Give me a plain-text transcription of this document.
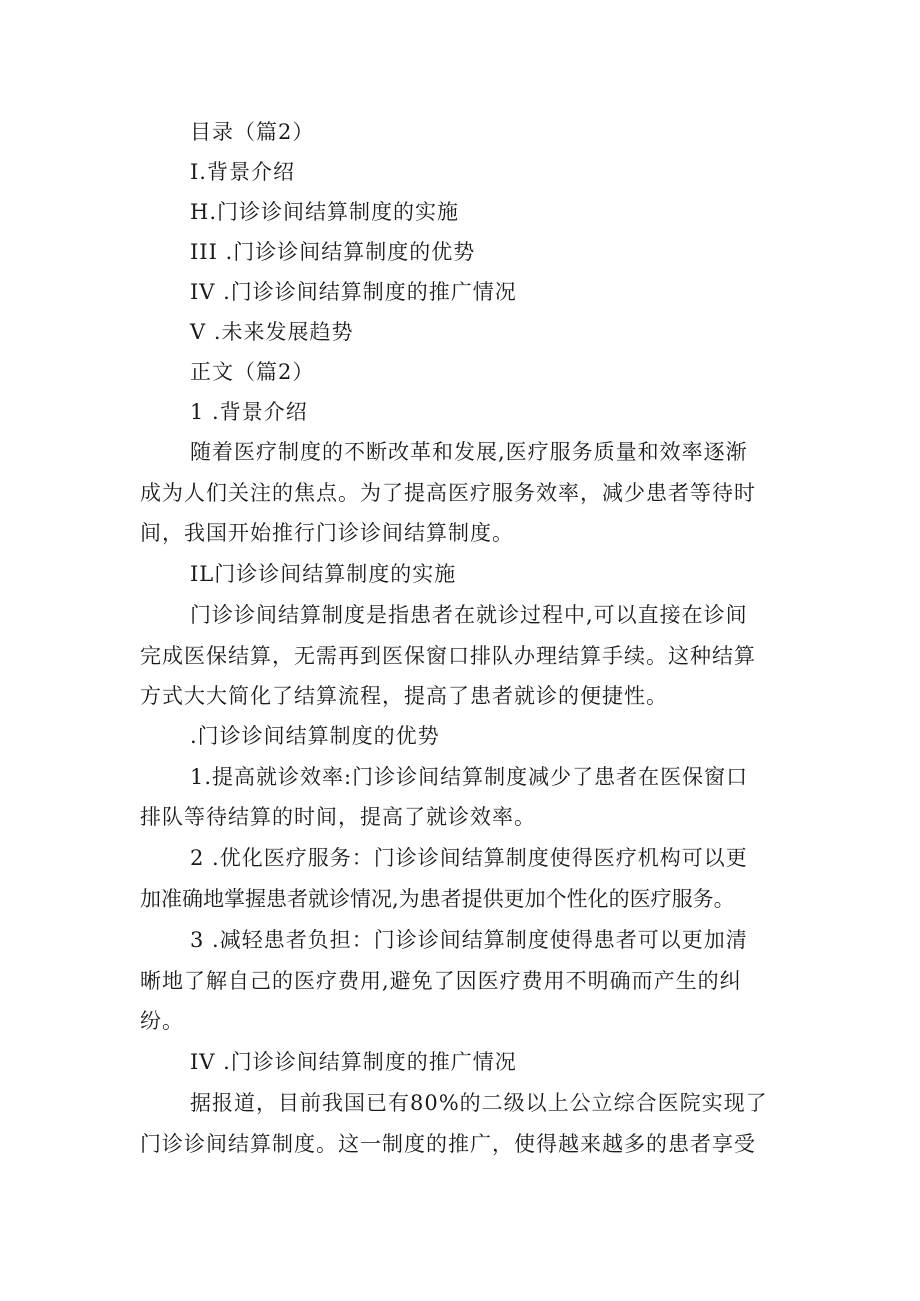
目录（篇2）

I.背景介绍

H.门诊诊间结算制度的实施

III .门诊诊间结算制度的优势

IV .门诊诊间结算制度的推广情况

V .未来发展趋势

正文（篇2）

1 .背景介绍

随着医疗制度的不断改革和发展,医疗服务质量和效率逐渐

成为人们关注的焦点。为了提高医疗服务效率，减少患者等待时

间，我国开始推行门诊诊间结算制度。

IL门诊诊间结算制度的实施

门诊诊间结算制度是指患者在就诊过程中,可以直接在诊间

完成医保结算，无需再到医保窗口排队办理结算手续。这种结算

方式大大简化了结算流程，提高了患者就诊的便捷性。

.门诊诊间结算制度的优势

1.提高就诊效率:门诊诊间结算制度减少了患者在医保窗口

排队等待结算的时间，提高了就诊效率。

2 .优化医疗服务：门诊诊间结算制度使得医疗机构可以更

加准确地掌握患者就诊情况,为患者提供更加个性化的医疗服务。

3 .减轻患者负担：门诊诊间结算制度使得患者可以更加清

晰地了解自己的医疗费用,避免了因医疗费用不明确而产生的纠

纷。

IV .门诊诊间结算制度的推广情况

据报道，目前我国已有80%的二级以上公立综合医院实现了

门诊诊间结算制度。这一制度的推广，使得越来越多的患者享受
